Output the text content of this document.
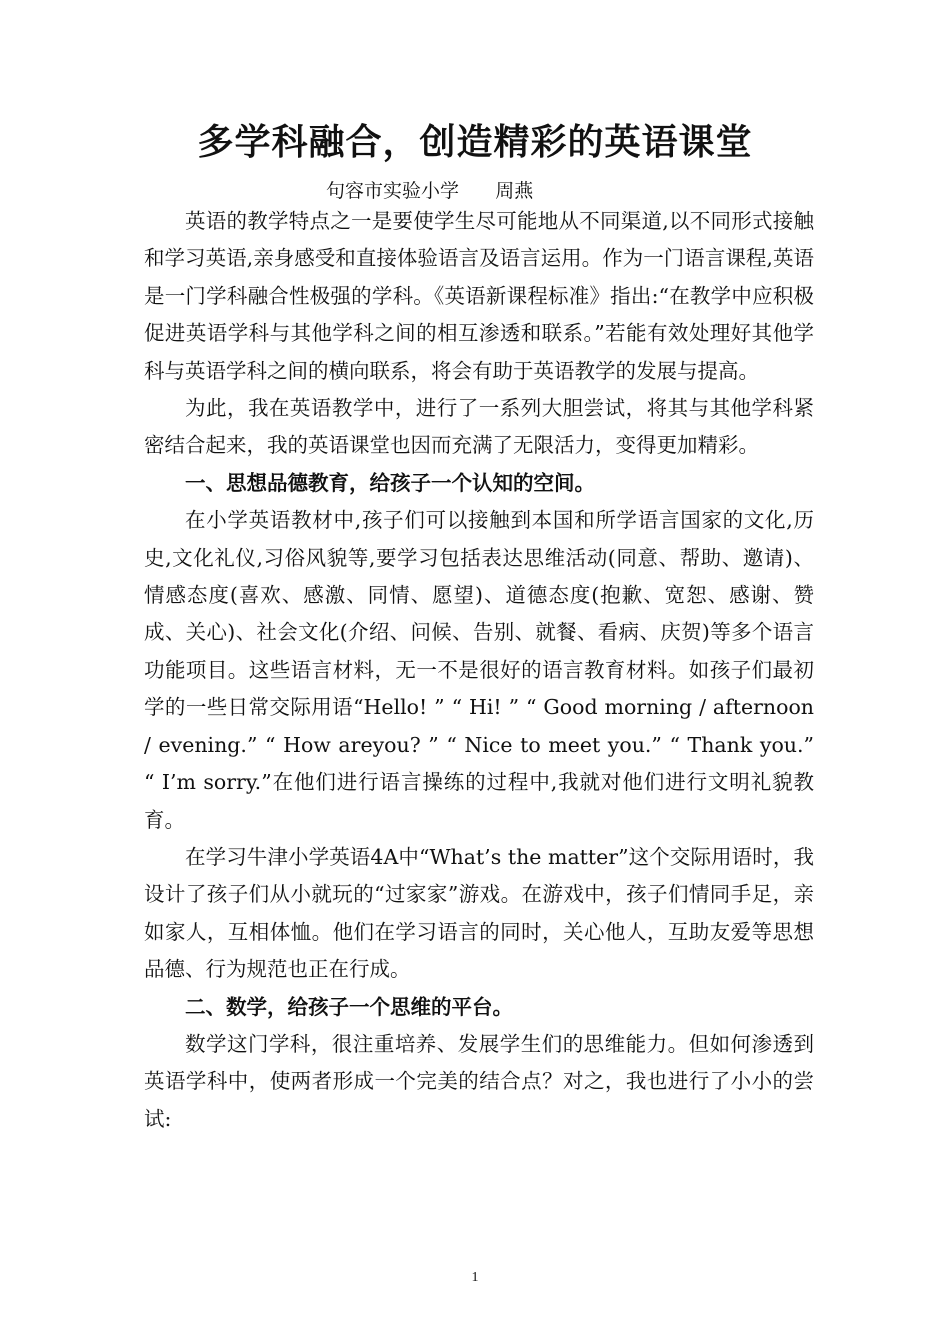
多学科融合，创造精彩的英语课堂
句容市实验小学      周燕

英语的教学特点之一是要使学生尽可能地从不同渠道,以不同形式接触和学习英语,亲身感受和直接体验语言及语言运用。作为一门语言课程,英语是一门学科融合性极强的学科。《英语新课程标准》指出:“在教学中应积极促进英语学科与其他学科之间的相互渗透和联系。”若能有效处理好其他学科与英语学科之间的横向联系，将会有助于英语教学的发展与提高。

为此，我在英语教学中，进行了一系列大胆尝试，将其与其他学科紧密结合起来，我的英语课堂也因而充满了无限活力，变得更加精彩。

一、思想品德教育，给孩子一个认知的空间。

在小学英语教材中,孩子们可以接触到本国和所学语言国家的文化,历史,文化礼仪,习俗风貌等,要学习包括表达思维活动(同意、帮助、邀请)、情感态度(喜欢、感激、同情、愿望)、道德态度(抱歉、宽恕、感谢、赞成、关心)、社会文化(介绍、问候、告别、就餐、看病、庆贺)等多个语言功能项目。这些语言材料，无一不是很好的语言教育材料。如孩子们最初学的一些日常交际用语“Hello! ” “ Hi! ” “ Good morning / afternoon / evening.” “ How areyou? ” “ Nice to meet you.” “ Thank you.” “ I’m sorry.”在他们进行语言操练的过程中,我就对他们进行文明礼貌教育。

在学习牛津小学英语4A中“What’s the matter”这个交际用语时，我设计了孩子们从小就玩的“过家家”游戏。在游戏中，孩子们情同手足，亲如家人，互相体恤。他们在学习语言的同时，关心他人，互助友爱等思想品德、行为规范也正在行成。

二、数学，给孩子一个思维的平台。

数学这门学科，很注重培养、发展学生们的思维能力。但如何渗透到英语学科中，使两者形成一个完美的结合点？对之，我也进行了小小的尝试:

1
